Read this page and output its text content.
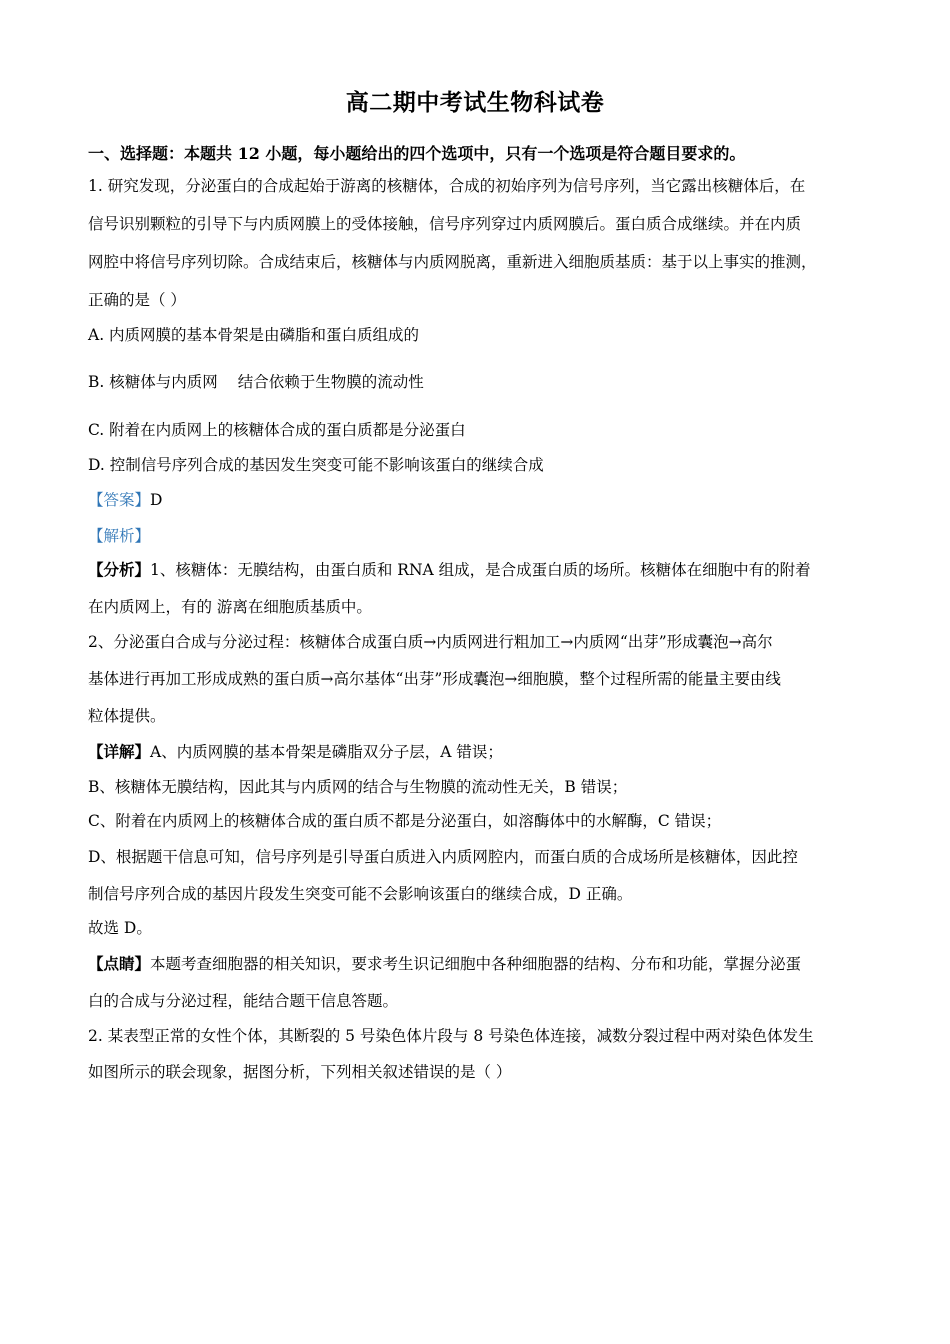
高二期中考试生物科试卷
一、选择题：本题共 12 小题，每小题给出的四个选项中，只有一个选项是符合题目要求的。
1. 研究发现，分泌蛋白的合成起始于游离的核糖体，合成的初始序列为信号序列，当它露出核糖体后，在
信号识别颗粒的引导下与内质网膜上的受体接触，信号序列穿过内质网膜后。蛋白质合成继续。并在内质
网腔中将信号序列切除。合成结束后，核糖体与内质网脱离，重新进入细胞质基质：基于以上事实的推测，
正确的是（ ）
A. 内质网膜的基本骨架是由磷脂和蛋白质组成的
B. 核糖体与内质网 结合依赖于生物膜的流动性
C. 附着在内质网上的核糖体合成的蛋白质都是分泌蛋白
D. 控制信号序列合成的基因发生突变可能不影响该蛋白的继续合成
【答案】D
【解析】
【分析】1、核糖体：无膜结构，由蛋白质和 RNA 组成，是合成蛋白质的场所。核糖体在细胞中有的附着
在内质网上，有的 游离在细胞质基质中。
2、分泌蛋白合成与分泌过程：核糖体合成蛋白质→内质网进行粗加工→内质网“出芽”形成囊泡→高尔
基体进行再加工形成成熟的蛋白质→高尔基体“出芽”形成囊泡→细胞膜，整个过程所需的能量主要由线
粒体提供。
【详解】A、内质网膜的基本骨架是磷脂双分子层，A 错误；
B、核糖体无膜结构，因此其与内质网的结合与生物膜的流动性无关，B 错误；
C、附着在内质网上的核糖体合成的蛋白质不都是分泌蛋白，如溶酶体中的水解酶，C 错误；
D、根据题干信息可知，信号序列是引导蛋白质进入内质网腔内，而蛋白质的合成场所是核糖体，因此控
制信号序列合成的基因片段发生突变可能不会影响该蛋白的继续合成，D 正确。
故选 D。
【点睛】本题考查细胞器的相关知识，要求考生识记细胞中各种细胞器的结构、分布和功能，掌握分泌蛋
白的合成与分泌过程，能结合题干信息答题。
2. 某表型正常的女性个体，其断裂的 5 号染色体片段与 8 号染色体连接，减数分裂过程中两对染色体发生
如图所示的联会现象，据图分析，下列相关叙述错误的是（ ）
